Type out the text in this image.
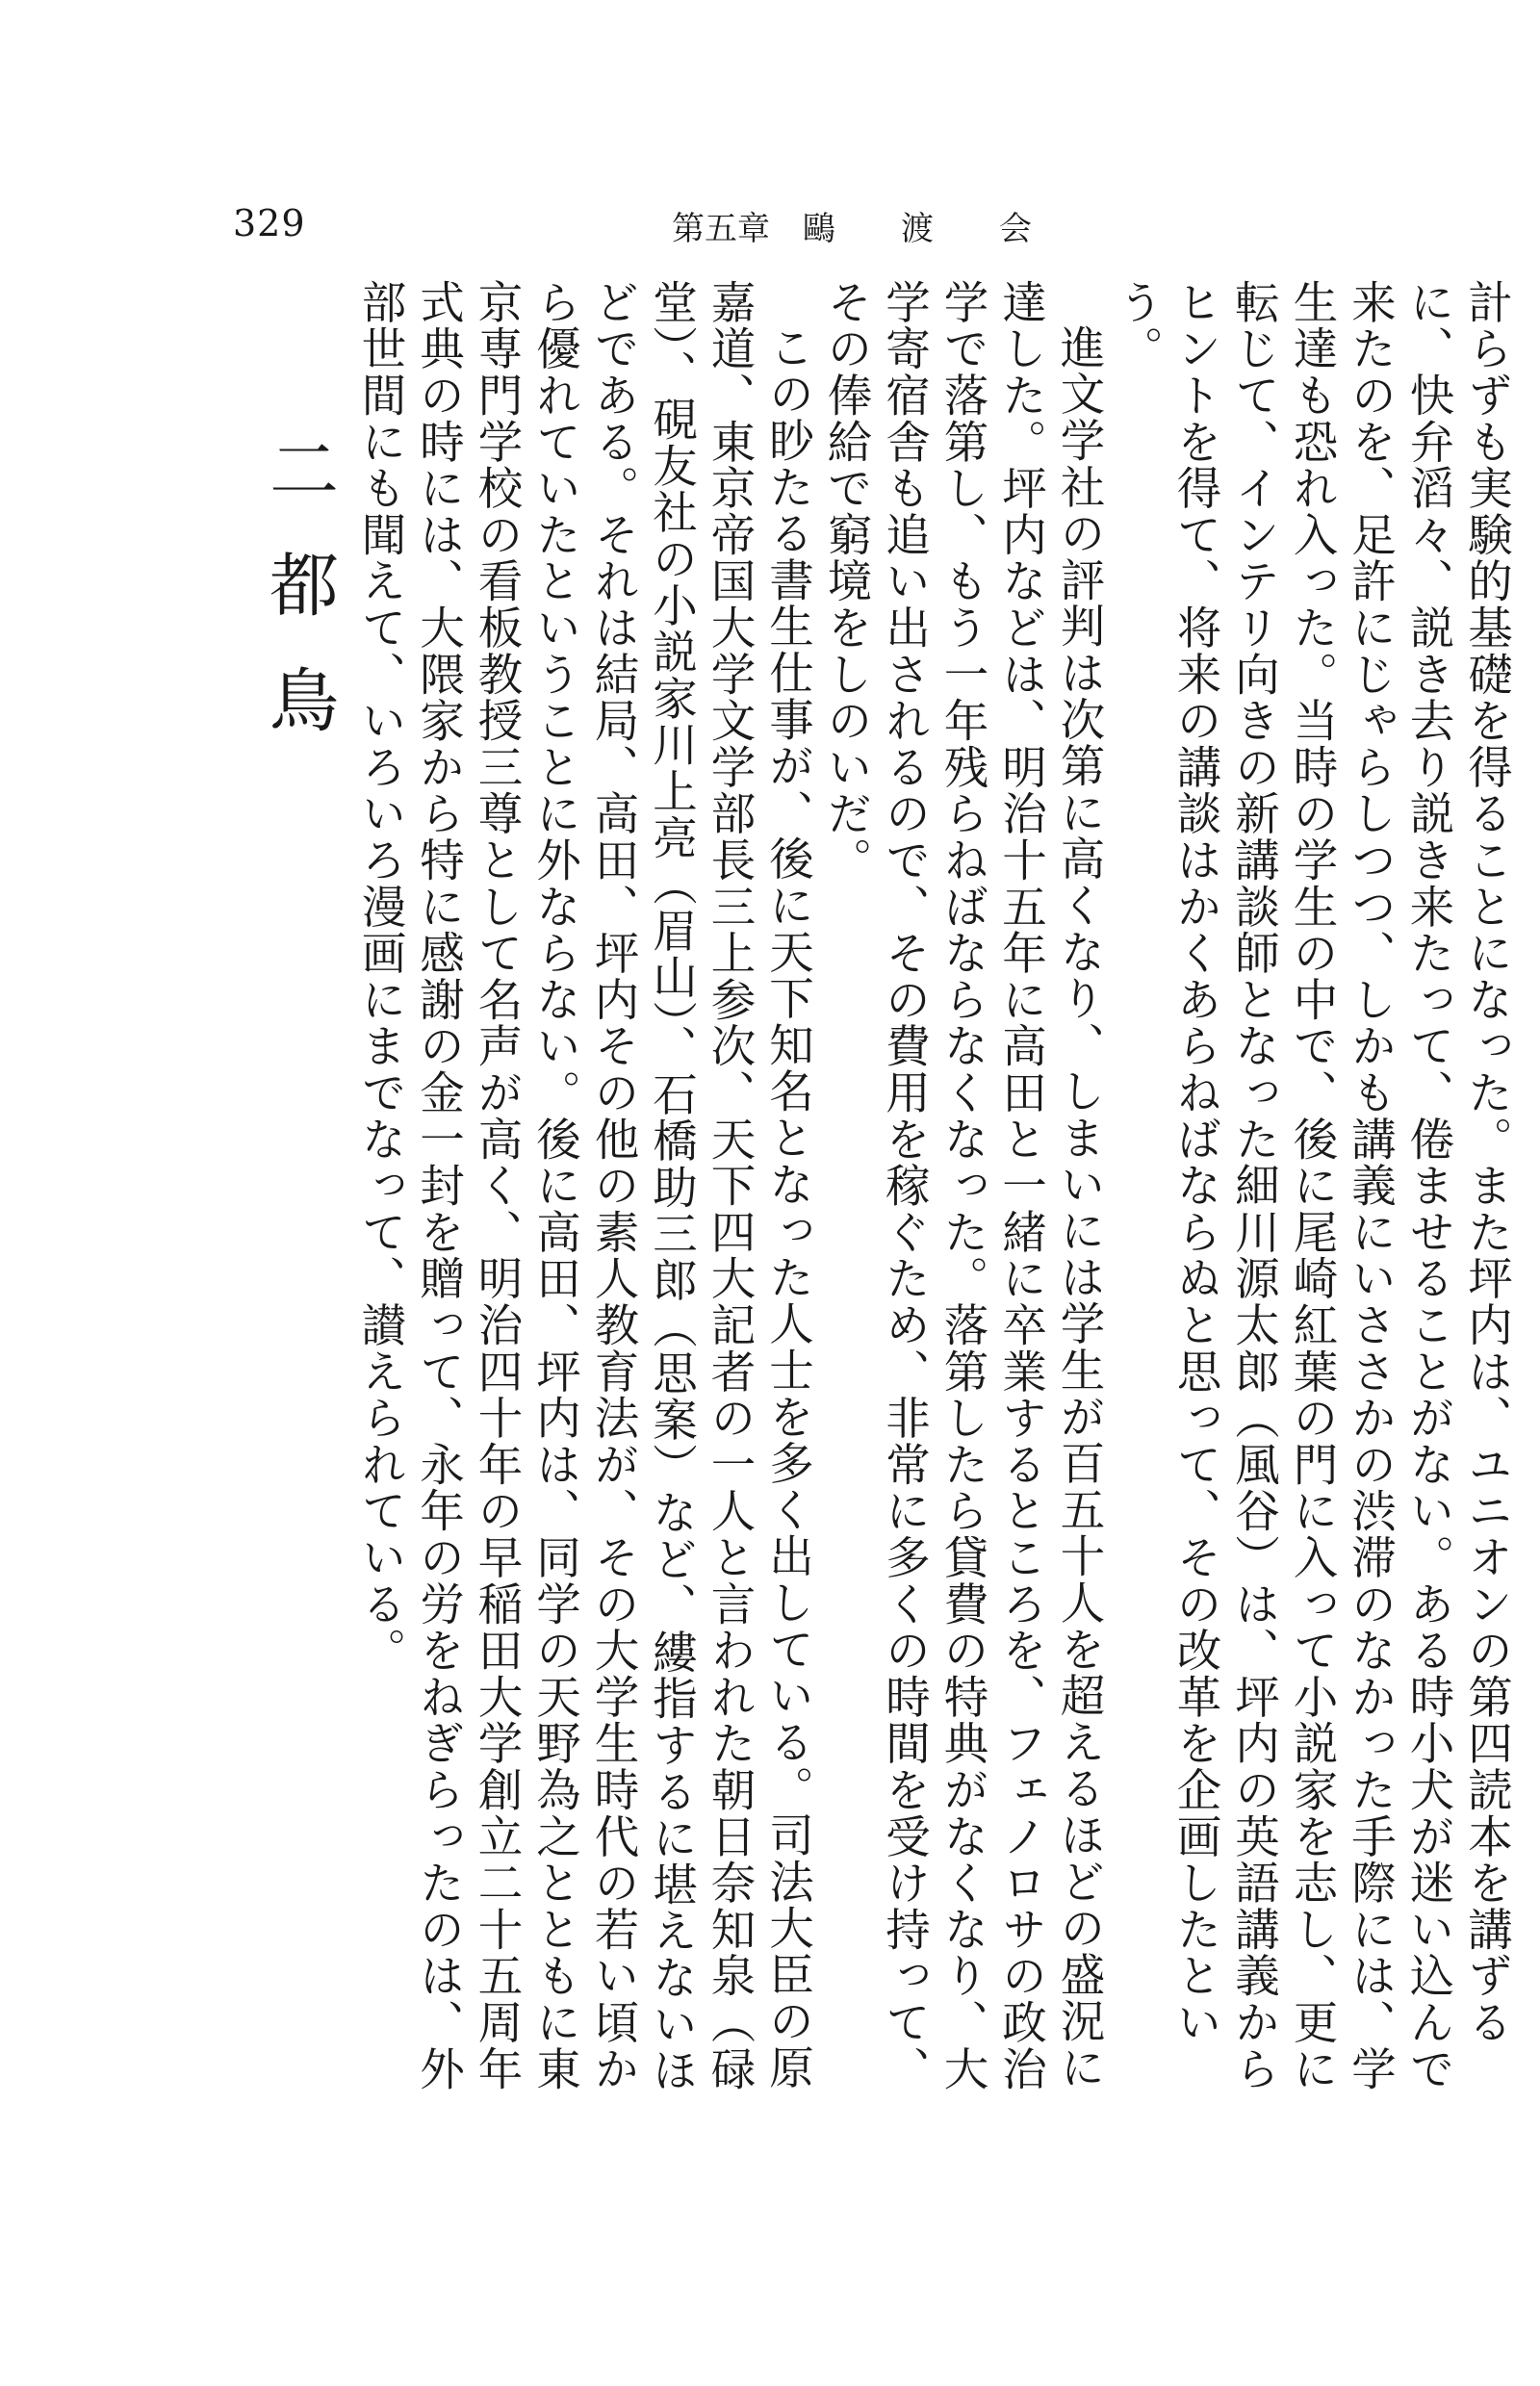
329	第五章　鷗　　渡　　会
二都鳥	計らずも実験的基礎を得ることになった。また坪内は、ユニオンの第四読本を講ずるに、快弁滔々、説き去り説き来たって、倦ませることがない。ある時小犬が迷い込んで来たのを、足許にじゃらしつつ、しかも講義にいささかの渋滞のなかった手際には、学生達も恐れ入った。当時の学生の中で、後に尾崎紅葉の門に入って小説家を志し、更に転じて、インテリ向きの新講談師となった細川源太郎（風谷）は、坪内の英語講義からヒントを得て、将来の講談はかくあらねばならぬと思って、その改革を企画したという。

進文学社の評判は次第に高くなり、しまいには学生が百五十人を超えるほどの盛況に達した。坪内などは、明治十五年に高田と一緒に卒業するところを、フェノロサの政治学で落第し、もう一年残らねばならなくなった。落第したら貸費の特典がなくなり、大学寄宿舎も追い出されるので、その費用を稼ぐため、非常に多くの時間を受け持って、その俸給で窮境をしのいだ。

この眇たる書生仕事が、後に天下知名となった人士を多く出している。司法大臣の原嘉道、東京帝国大学文学部長三上参次、天下四大記者の一人と言われた朝日奈知泉（碌堂）、硯友社の小説家川上亮（眉山）、石橋助三郎（思案）など、縷指するに堪えないほどである。それは結局、高田、坪内その他の素人教育法が、その大学生時代の若い頃から優れていたということに外ならない。後に高田、坪内は、同学の天野為之とともに東京専門学校の看板教授三尊として名声が高く、明治四十年の早稲田大学創立二十五周年式典の時には、大隈家から特に感謝の金一封を贈って、永年の労をねぎらったのは、外部世間にも聞えて、いろいろ漫画にまでなって、讃えられている。
